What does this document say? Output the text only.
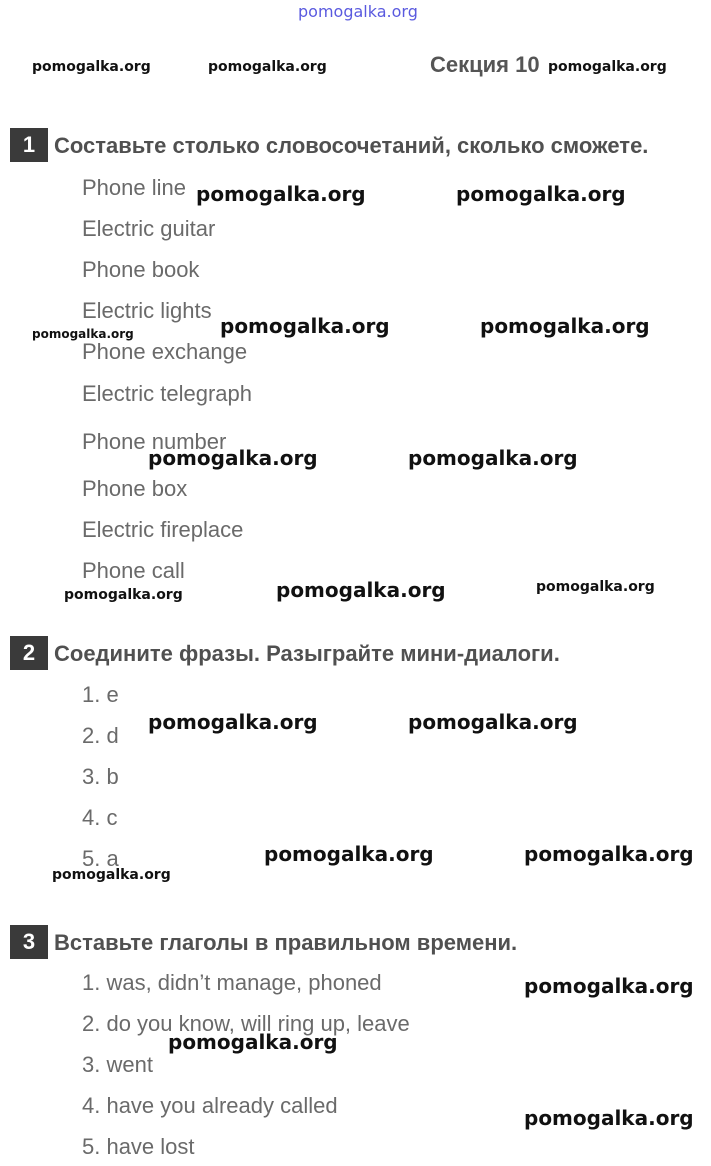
pomogalka.org
pomogalka.org	pomogalka.org	Секция 10 pomogalka.org
1 Составьте столько словосочетаний, сколько сможете.
Phone line
Electric guitar
Phone book
Electric lights
Phone exchange
Electric telegraph
Phone number
Phone box
Electric fireplace
Phone call
pomogalka.org	pomogalka.org
pomogalka.org	pomogalka.org	pomogalka.org
pomogalka.org	pomogalka.org
pomogalka.org	pomogalka.org	pomogalka.org
2 Соедините фразы. Разыграйте мини-диалоги.
1. e
2. d
3. b
4. c
5. a
pomogalka.org	pomogalka.org
pomogalka.org	pomogalka.org
pomogalka.org
3 Вставьте глаголы в правильном времени.
1. was, didn’t manage, phoned
2. do you know, will ring up, leave
3. went
4. have you already called
5. have lost
pomogalka.org
pomogalka.org
pomogalka.org
